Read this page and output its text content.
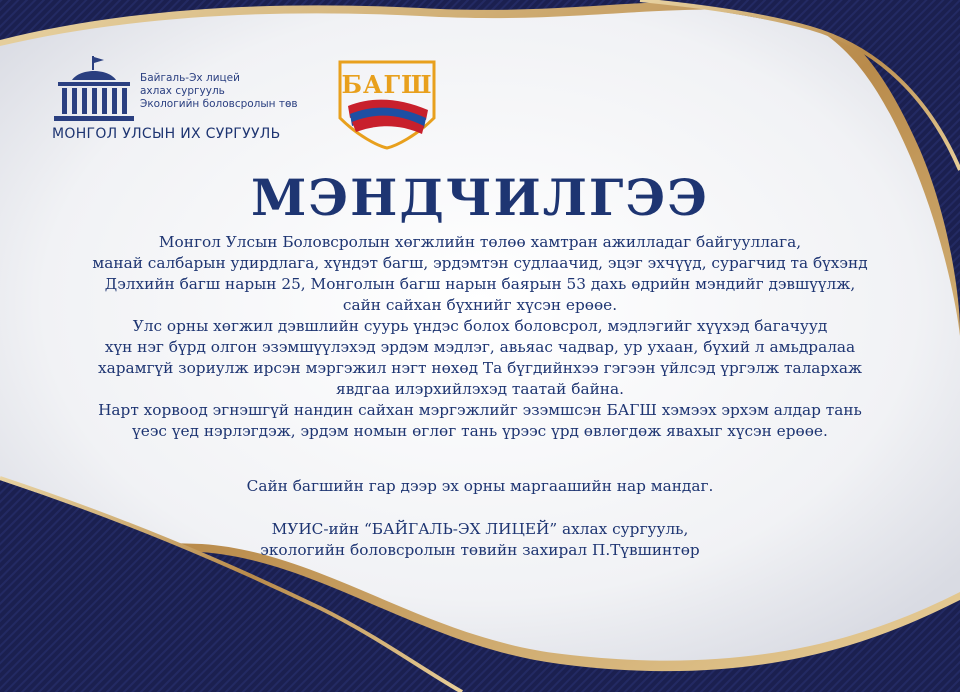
Байгаль-Эх лицей
ахлах сургууль
Экологийн боловсролын төв
МОНГОЛ УЛСЫН ИХ СУРГУУЛЬ
БАГШ
МЭНДЧИЛГЭЭ
Монгол Улсын Боловсролын хөгжлийн төлөө хамтран ажилладаг байгууллага,
манай салбарын удирдлага, хүндэт багш, эрдэмтэн судлаачид, эцэг эхчүүд, сурагчид та бүхэнд
Дэлхийн багш нарын 25, Монголын багш нарын баярын 53 дахь өдрийн мэндийг дэвшүүлж,
сайн сайхан бүхнийг хүсэн ерөөе.
Улс орны хөгжил дэвшлийн суурь үндэс болох боловсрол, мэдлэгийг хүүхэд багачууд
хүн нэг бүрд олгон эзэмшүүлэхэд эрдэм мэдлэг, авьяас чадвар, ур ухаан, бүхий л амьдралаа
харамгүй зориулж ирсэн мэргэжил нэгт нөхөд Та бүгдийнхээ гэгээн үйлсэд үргэлж талархаж
явдгаа илэрхийлэхэд таатай байна.
Нарт хорвоод эгнэшгүй нандин сайхан мэргэжлийг эзэмшсэн БАГШ хэмээх эрхэм алдар тань
үеэс үед нэрлэгдэж, эрдэм номын өглөг тань үрээс үрд өвлөгдөж явахыг хүсэн ерөөе.
Сайн багшийн гар дээр эх орны маргаашийн нар мандаг.
МУИС-ийн “БАЙГАЛЬ-ЭХ ЛИЦЕЙ” ахлах сургууль,
экологийн боловсролын төвийн захирал П.Түвшинтөр
